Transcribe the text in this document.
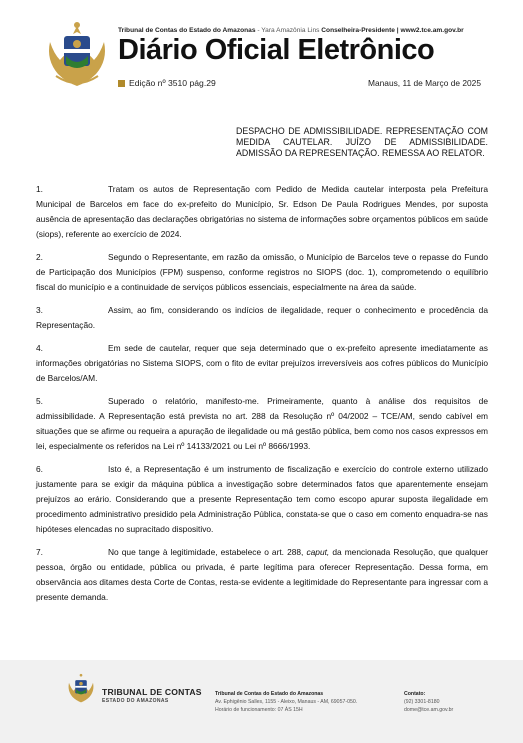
Tribunal de Contas do Estado do Amazonas - Yara Amazônia Lins Conselheira-Presidente | www2.tce.am.gov.br
Diário Oficial Eletrônico
Edição nº 3510 pág.29	Manaus, 11 de Março de 2025
DESPACHO DE ADMISSIBILIDADE. REPRESENTAÇÃO COM MEDIDA CAUTELAR. JUÍZO DE ADMISSIBILIDADE. ADMISSÃO DA REPRESENTAÇÃO. REMESSA AO RELATOR.

1.	Tratam os autos de Representação com Pedido de Medida cautelar interposta pela Prefeitura Municipal de Barcelos em face do ex-prefeito do Município, Sr. Edson De Paula Rodrigues Mendes, por suposta ausência de apresentação das declarações obrigatórias no sistema de informações sobre orçamentos públicos em saúde (siops), referente ao exercício de 2024.

2.	Segundo o Representante, em razão da omissão, o Município de Barcelos teve o repasse do Fundo de Participação dos Municípios (FPM) suspenso, conforme registros no SIOPS (doc. 1), comprometendo o equilíbrio fiscal do município e a continuidade de serviços públicos essenciais, especialmente na área da saúde.

3.	Assim, ao fim, considerando os indícios de ilegalidade, requer o conhecimento e procedência da Representação.

4.	Em sede de cautelar, requer que seja determinado que o ex-prefeito apresente imediatamente as informações obrigatórias no Sistema SIOPS, com o fito de evitar prejuízos irreversíveis aos cofres públicos do Município de Barcelos/AM.

5.	Superado o relatório, manifesto-me. Primeiramente, quanto à análise dos requisitos de admissibilidade. A Representação está prevista no art. 288 da Resolução nº 04/2002 – TCE/AM, sendo cabível em situações que se afirme ou requeira a apuração de ilegalidade ou má gestão pública, bem como nos casos expressos em lei, especialmente os referidos na Lei nº 14133/2021 ou Lei nº 8666/1993.

6.	Isto é, a Representação é um instrumento de fiscalização e exercício do controle externo utilizado justamente para se exigir da máquina pública a investigação sobre determinados fatos que aparentemente ensejam prejuízos ao erário. Considerando que a presente Representação tem como escopo apurar suposta ilegalidade em procedimento administrativo presidido pela Administração Pública, constata-se que o caso em comento enquadra-se nas hipóteses elencadas no supracitado dispositivo.

7.	No que tange à legitimidade, estabelece o art. 288, caput, da mencionada Resolução, que qualquer pessoa, órgão ou entidade, pública ou privada, é parte legítima para oferecer Representação. Dessa forma, em observância aos ditames desta Corte de Contas, resta-se evidente a legitimidade do Representante para ingressar com a presente demanda.

TRIBUNAL DE CONTAS
ESTADO DO AMAZONAS
Tribunal de Contas do Estado do Amazonas
Av. Ephigênio Salles, 1155 - Aleixo, Manaus - AM, 69057-050.
Horário de funcionamento: 07 ÀS 15H
Contato:
(92) 3301-8180
dome@tce.am.gov.br
